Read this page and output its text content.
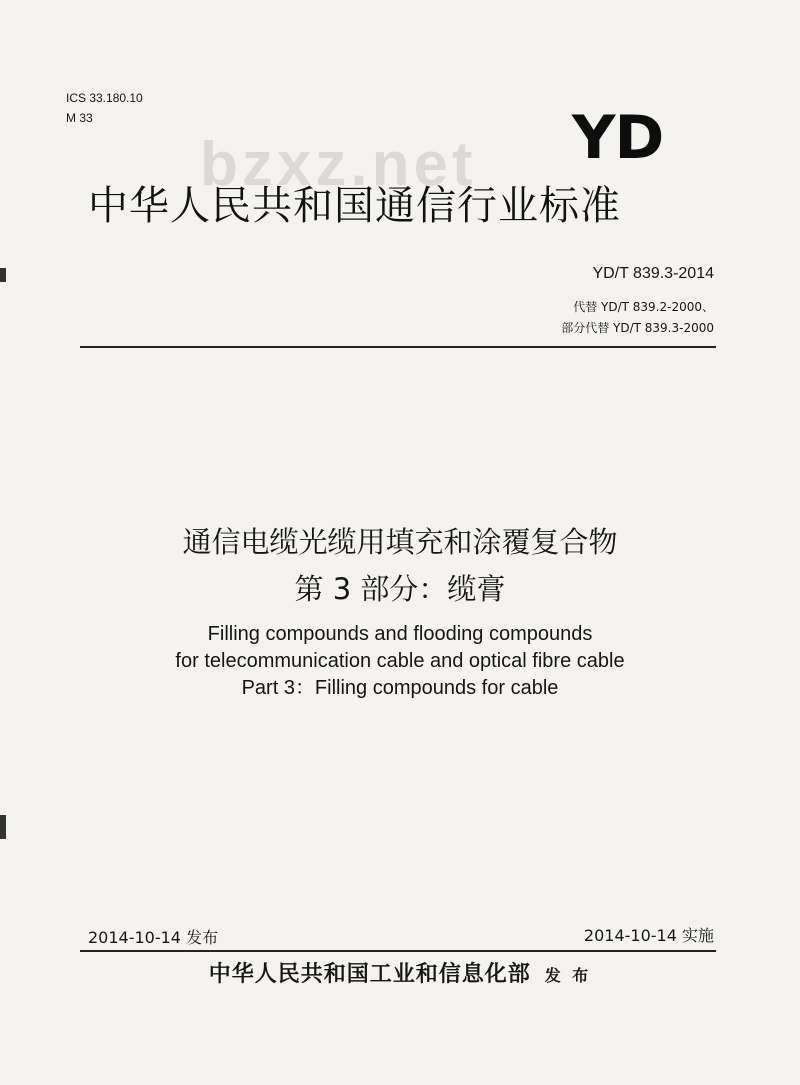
ICS 33.180.10
M 33
bzxz.net YD
中华人民共和国通信行业标准
YD/T 839.3-2014
代替 YD/T 839.2-2000、
部分代替 YD/T 839.3-2000
通信电缆光缆用填充和涂覆复合物
第 3 部分：缆膏
Filling compounds and flooding compounds
for telecommunication cable and optical fibre cable
Part 3：Filling compounds for cable
2014-10-14 发布	2014-10-14 实施
中华人民共和国工业和信息化部 发 布
